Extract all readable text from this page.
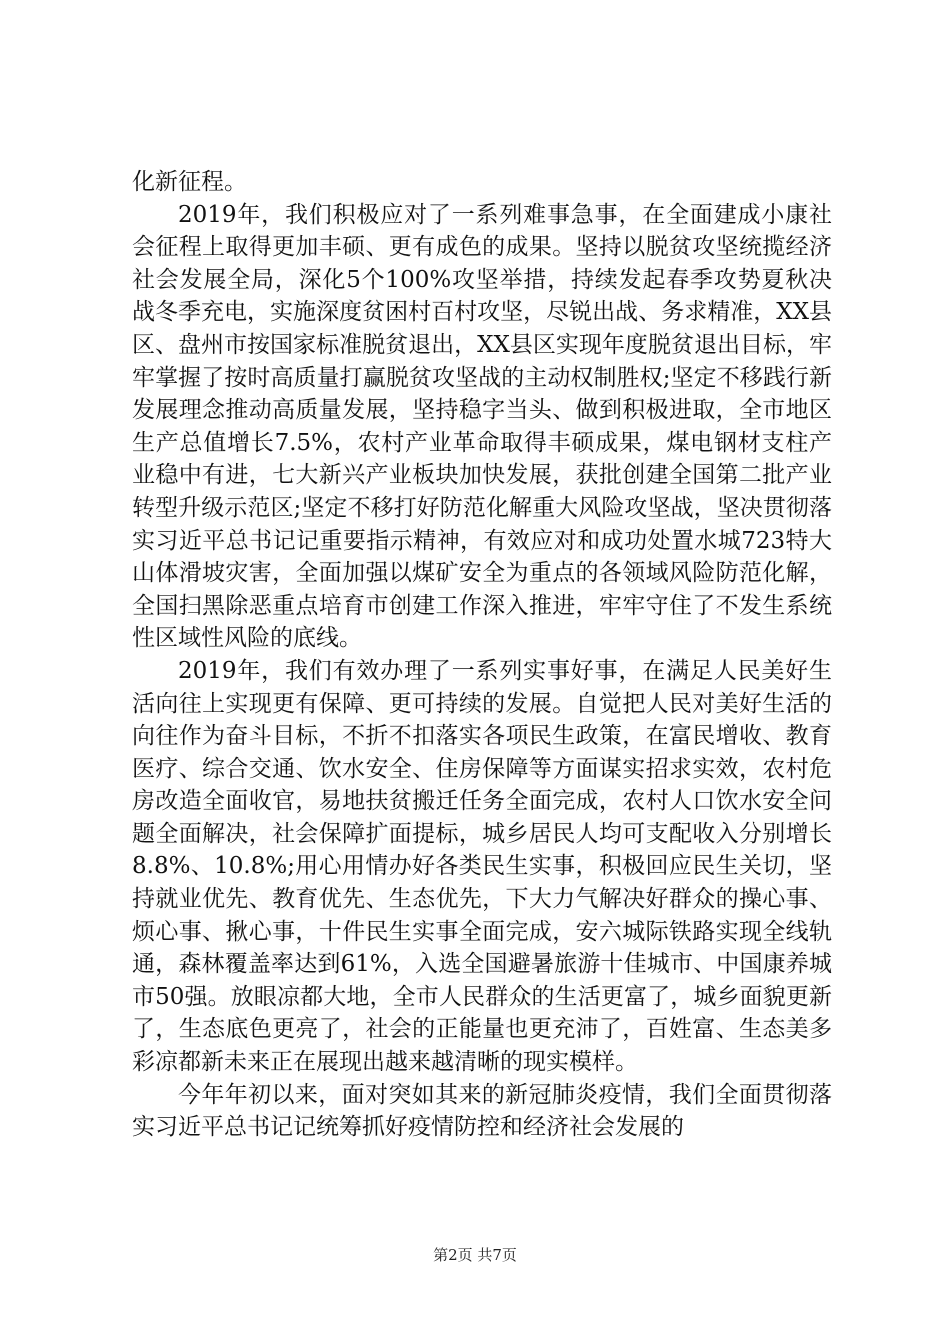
化新征程。

2019年，我们积极应对了一系列难事急事，在全面建成小康社会征程上取得更加丰硕、更有成色的成果。坚持以脱贫攻坚统揽经济社会发展全局，深化5个100%攻坚举措，持续发起春季攻势夏秋决战冬季充电，实施深度贫困村百村攻坚，尽锐出战、务求精准，XX县区、盘州市按国家标准脱贫退出，XX县区实现年度脱贫退出目标，牢牢掌握了按时高质量打赢脱贫攻坚战的主动权制胜权;坚定不移践行新发展理念推动高质量发展，坚持稳字当头、做到积极进取，全市地区生产总值增长7.5%，农村产业革命取得丰硕成果，煤电钢材支柱产业稳中有进，七大新兴产业板块加快发展，获批创建全国第二批产业转型升级示范区;坚定不移打好防范化解重大风险攻坚战，坚决贯彻落实习近平总书记记重要指示精神，有效应对和成功处置水城723特大山体滑坡灾害，全面加强以煤矿安全为重点的各领域风险防范化解，全国扫黑除恶重点培育市创建工作深入推进，牢牢守住了不发生系统性区域性风险的底线。

2019年，我们有效办理了一系列实事好事，在满足人民美好生活向往上实现更有保障、更可持续的发展。自觉把人民对美好生活的向往作为奋斗目标，不折不扣落实各项民生政策，在富民增收、教育医疗、综合交通、饮水安全、住房保障等方面谋实招求实效，农村危房改造全面收官，易地扶贫搬迁任务全面完成，农村人口饮水安全问题全面解决，社会保障扩面提标，城乡居民人均可支配收入分别增长8.8%、10.8%;用心用情办好各类民生实事，积极回应民生关切，坚持就业优先、教育优先、生态优先，下大力气解决好群众的操心事、烦心事、揪心事，十件民生实事全面完成，安六城际铁路实现全线轨通，森林覆盖率达到61%，入选全国避暑旅游十佳城市、中国康养城市50强。放眼凉都大地，全市人民群众的生活更富了，城乡面貌更新了，生态底色更亮了，社会的正能量也更充沛了，百姓富、生态美多彩凉都新未来正在展现出越来越清晰的现实模样。

今年年初以来，面对突如其来的新冠肺炎疫情，我们全面贯彻落实习近平总书记记统筹抓好疫情防控和经济社会发展的

第2页 共7页
